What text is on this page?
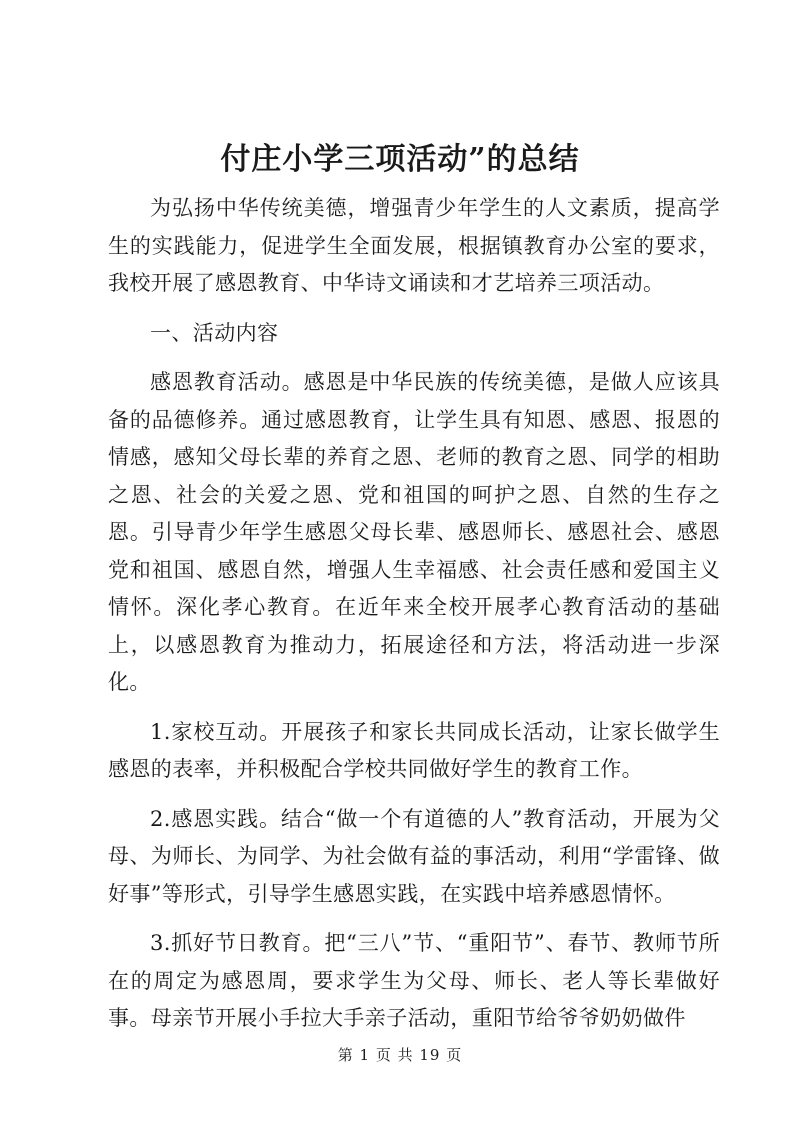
付庄小学三项活动”的总结

为弘扬中华传统美德，增强青少年学生的人文素质，提高学生的实践能力，促进学生全面发展，根据镇教育办公室的要求，我校开展了感恩教育、中华诗文诵读和才艺培养三项活动。

一、活动内容

感恩教育活动。感恩是中华民族的传统美德，是做人应该具备的品德修养。通过感恩教育，让学生具有知恩、感恩、报恩的情感，感知父母长辈的养育之恩、老师的教育之恩、同学的相助之恩、社会的关爱之恩、党和祖国的呵护之恩、自然的生存之恩。引导青少年学生感恩父母长辈、感恩师长、感恩社会、感恩党和祖国、感恩自然，增强人生幸福感、社会责任感和爱国主义情怀。深化孝心教育。在近年来全校开展孝心教育活动的基础上，以感恩教育为推动力，拓展途径和方法，将活动进一步深化。

1.家校互动。开展孩子和家长共同成长活动，让家长做学生感恩的表率，并积极配合学校共同做好学生的教育工作。

2.感恩实践。结合“做一个有道德的人”教育活动，开展为父母、为师长、为同学、为社会做有益的事活动，利用“学雷锋、做好事”等形式，引导学生感恩实践，在实践中培养感恩情怀。

3.抓好节日教育。把“三八”节、“重阳节”、春节、教师节所在的周定为感恩周，要求学生为父母、师长、老人等长辈做好事。母亲节开展小手拉大手亲子活动，重阳节给爷爷奶奶做件

第 1 页 共 19 页
